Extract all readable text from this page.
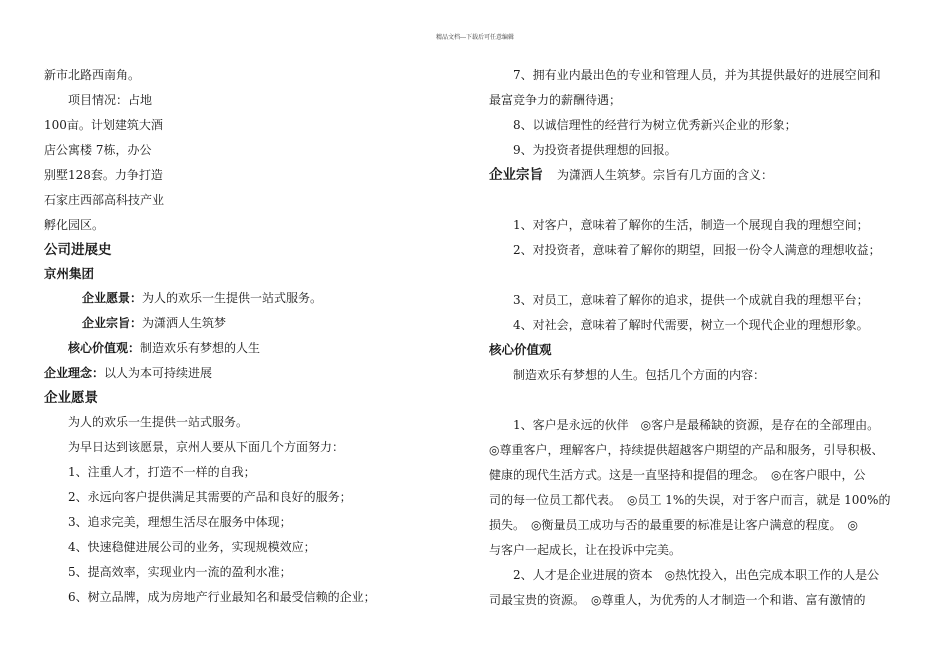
精品文档---下载后可任意编辑
新市北路西南角。
项目情况：占地
100亩。计划建筑大酒
店公寓楼 7栋，办公
别墅128套。力争打造
石家庄西部高科技产业
孵化园区。
公司进展史
京州集团
企业愿景：为人的欢乐一生提供一站式服务。
企业宗旨：为潇洒人生筑梦
核心价值观：制造欢乐有梦想的人生
企业理念：以人为本可持续进展
企业愿景
为人的欢乐一生提供一站式服务。
为早日达到该愿景，京州人要从下面几个方面努力：
1、注重人才，打造不一样的自我；
2、永远向客户提供满足其需要的产品和良好的服务；
3、追求完美，理想生活尽在服务中体现；
4、快速稳健进展公司的业务，实现规模效应；
5、提高效率，实现业内一流的盈利水准；
6、树立品牌，成为房地产行业最知名和最受信赖的企业；
7、拥有业内最出色的专业和管理人员，并为其提供最好的进展空间和
最富竞争力的薪酬待遇；
8、以诚信理性的经营行为树立优秀新兴企业的形象；
9、为投资者提供理想的回报。
企业宗旨 为潇洒人生筑梦。宗旨有几方面的含义：
1、对客户，意味着了解你的生活，制造一个展现自我的理想空间；
2、对投资者，意味着了解你的期望，回报一份令人满意的理想收益；
3、对员工，意味着了解你的追求，提供一个成就自我的理想平台；
4、对社会，意味着了解时代需要，树立一个现代企业的理想形象。
核心价值观
制造欢乐有梦想的人生。包括几个方面的内容：
1、客户是永远的伙伴　◎客户是最稀缺的资源，是存在的全部理由。
◎尊重客户，理解客户，持续提供超越客户期望的产品和服务，引导积极、
健康的现代生活方式。这是一直坚持和提倡的理念。　◎在客户眼中，公
司的每一位员工都代表。　◎员工 1%的失误，对于客户而言，就是 100%的
损失。　◎衡量员工成功与否的最重要的标准是让客户满意的程度。　◎
与客户一起成长，让在投诉中完美。
2、人才是企业进展的资本　◎热忱投入，出色完成本职工作的人是公
司最宝贵的资源。　◎尊重人，为优秀的人才制造一个和谐、富有激情的
